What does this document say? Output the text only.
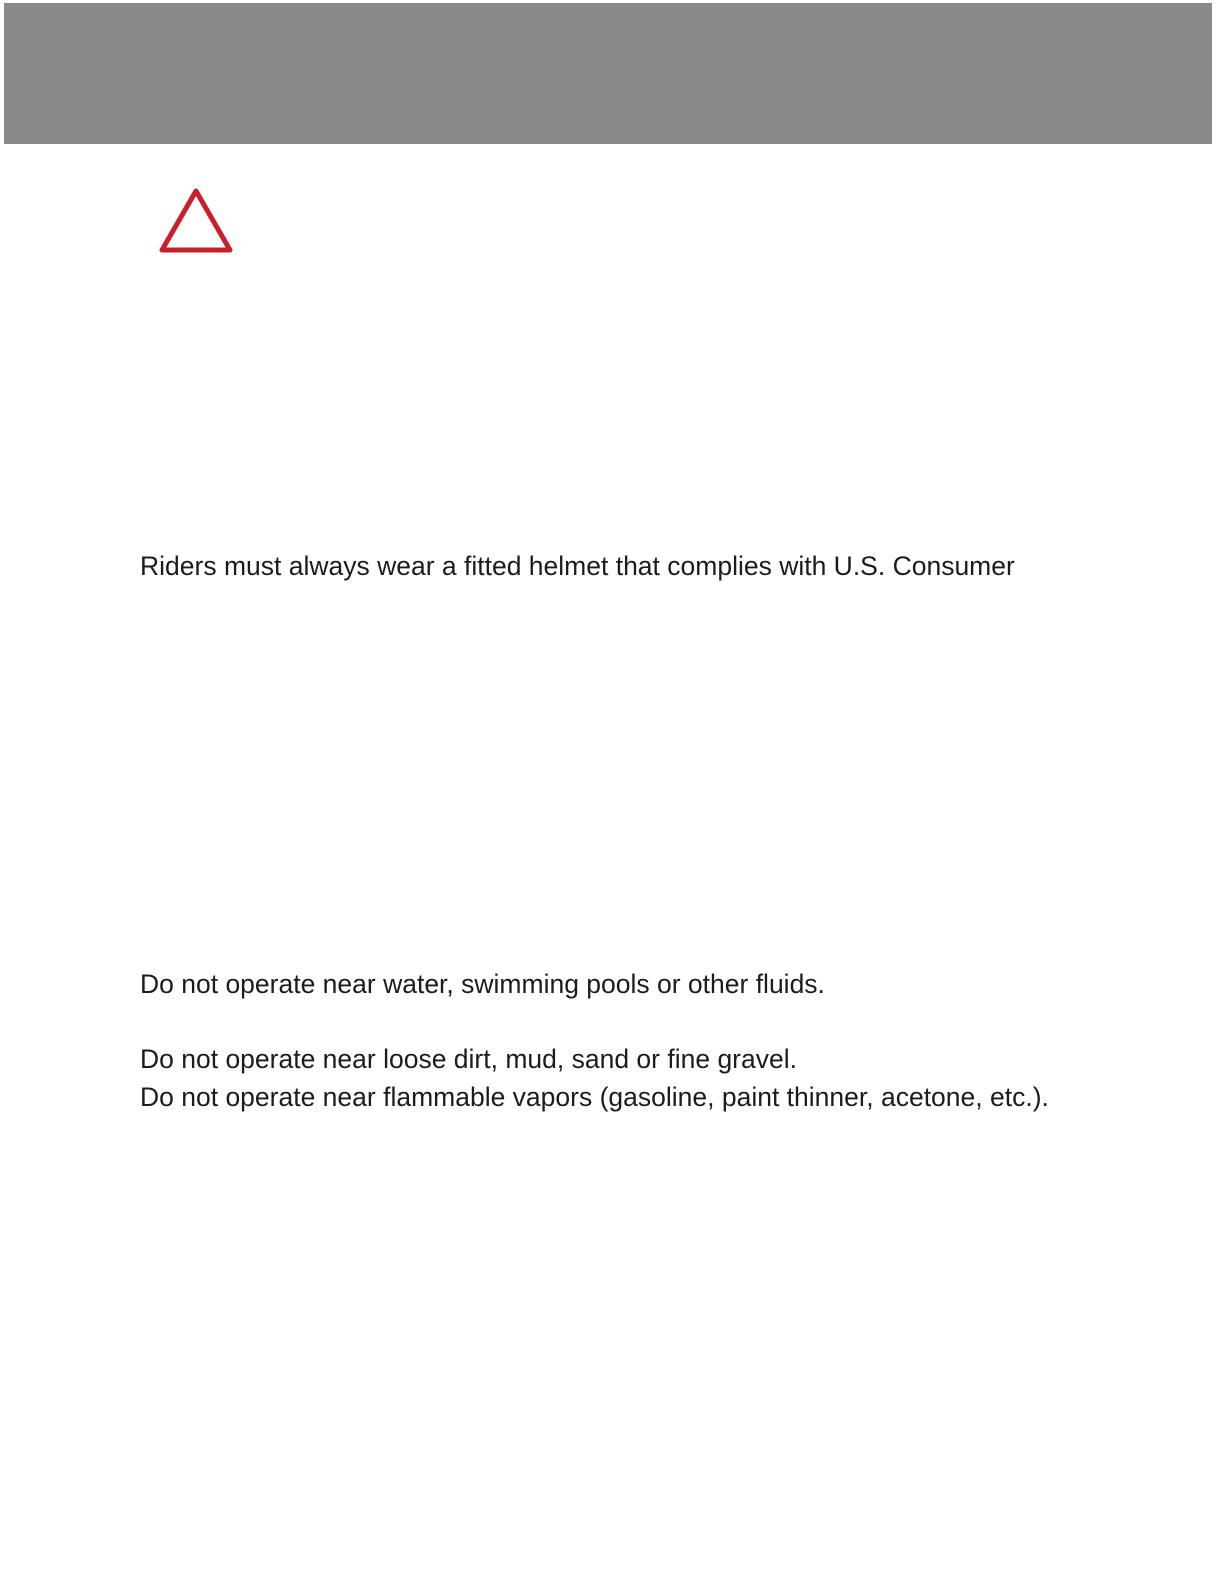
Riders must always wear a fitted helmet that complies with U.S. Consumer

Do not operate near water, swimming pools or other fluids.

Do not operate near loose dirt, mud, sand or fine gravel.

Do not operate near flammable vapors (gasoline, paint thinner, acetone, etc.).
